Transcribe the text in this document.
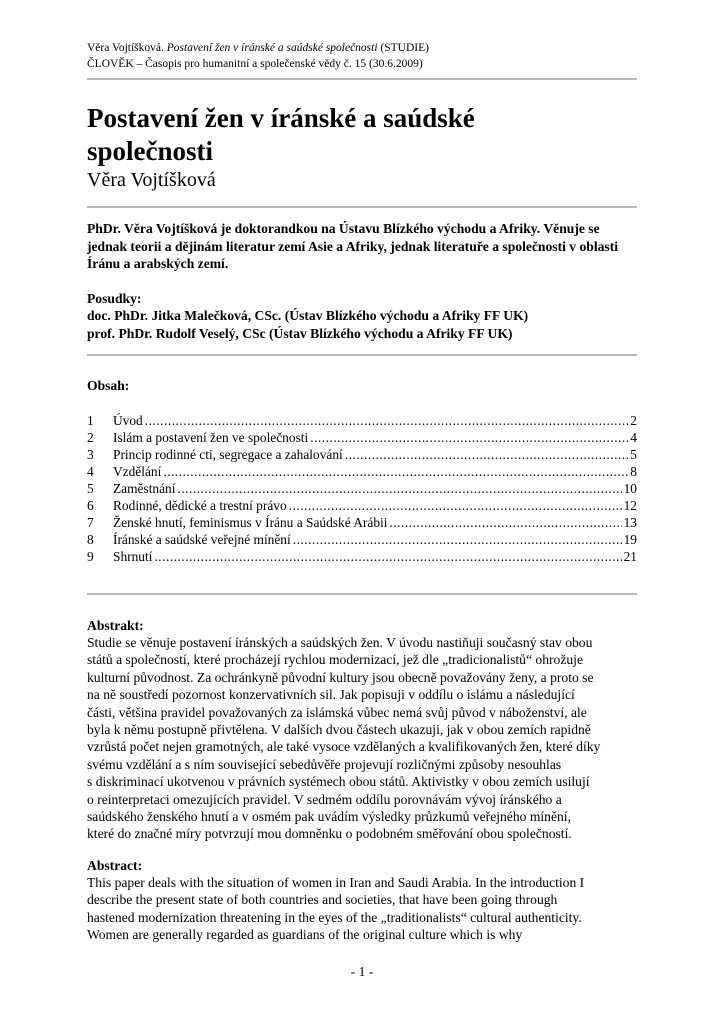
Věra Vojtíšková. Postavení žen v íránské a saúdské společnosti (STUDIE)
ČLOVĚK – Časopis pro humanitní a společenské vědy č. 15 (30.6.2009)
Postavení žen v íránské a saúdské
společnosti
Věra Vojtíšková
PhDr. Věra Vojtíšková je doktorandkou na Ústavu Blízkého východu a Afriky. Věnuje se jednak teorii a dějinám literatur zemí Asie a Afriky, jednak literatuře a společnosti v oblasti Íránu a arabských zemí.
Posudky:
doc. PhDr. Jitka Malečková, CSc. (Ústav Blízkého východu a Afriky FF UK)
prof. PhDr. Rudolf Veselý, CSc (Ústav Blízkého východu a Afriky FF UK)
Obsah:
1	Úvod .....	2
2	Islám a postavení žen ve společnosti .....	4
3	Princip rodinné cti, segregace a zahalování .....	5
4	Vzdělání .....	8
5	Zaměstnání .....	10
6	Rodinné, dědické a trestní právo .....	12
7	Ženské hnutí, feminismus v Íránu a Saúdské Arábii .....	13
8	Íránské a saúdské veřejné mínění .....	19
9	Shrnutí .....	21
Abstrakt:
Studie se věnuje postavení íránských a saúdských žen. V úvodu nastiňuji současný stav obou
států a společností, které procházejí rychlou modernizací, jež dle „tradicionalistů“ ohrožuje
kulturní původnost. Za ochránkyně původní kultury jsou obecně považovány ženy, a proto se
na ně soustředí pozornost konzervativních sil. Jak popisuji v oddílu o islámu a následující
části, většina pravidel považovaných za islámská vůbec nemá svůj původ v náboženství, ale
byla k němu postupně přivtělena. V dalších dvou částech ukazuji, jak v obou zemích rapidně
vzrůstá počet nejen gramotných, ale také vysoce vzdělaných a kvalifikovaných žen, které díky
svému vzdělání a s ním související sebedůvěře projevují rozličnými způsoby nesouhlas
s diskriminací ukotvenou v právních systémech obou států. Aktivistky v obou zemích usilují
o reinterpretaci omezujících pravidel. V sedmém oddílu porovnávám vývoj íránského a
saúdského ženského hnutí a v osmém pak uvádím výsledky průzkumů veřejného mínění,
které do značné míry potvrzují mou domněnku o podobném směřování obou společností.
Abstract:
This paper deals with the situation of women in Iran and Saudi Arabia. In the introduction I
describe the present state of both countries and societies, that have been going through
hastened modernization threatening in the eyes of the „traditionalists“ cultural authenticity.
Women are generally regarded as guardians of the original culture which is why
- 1 -
